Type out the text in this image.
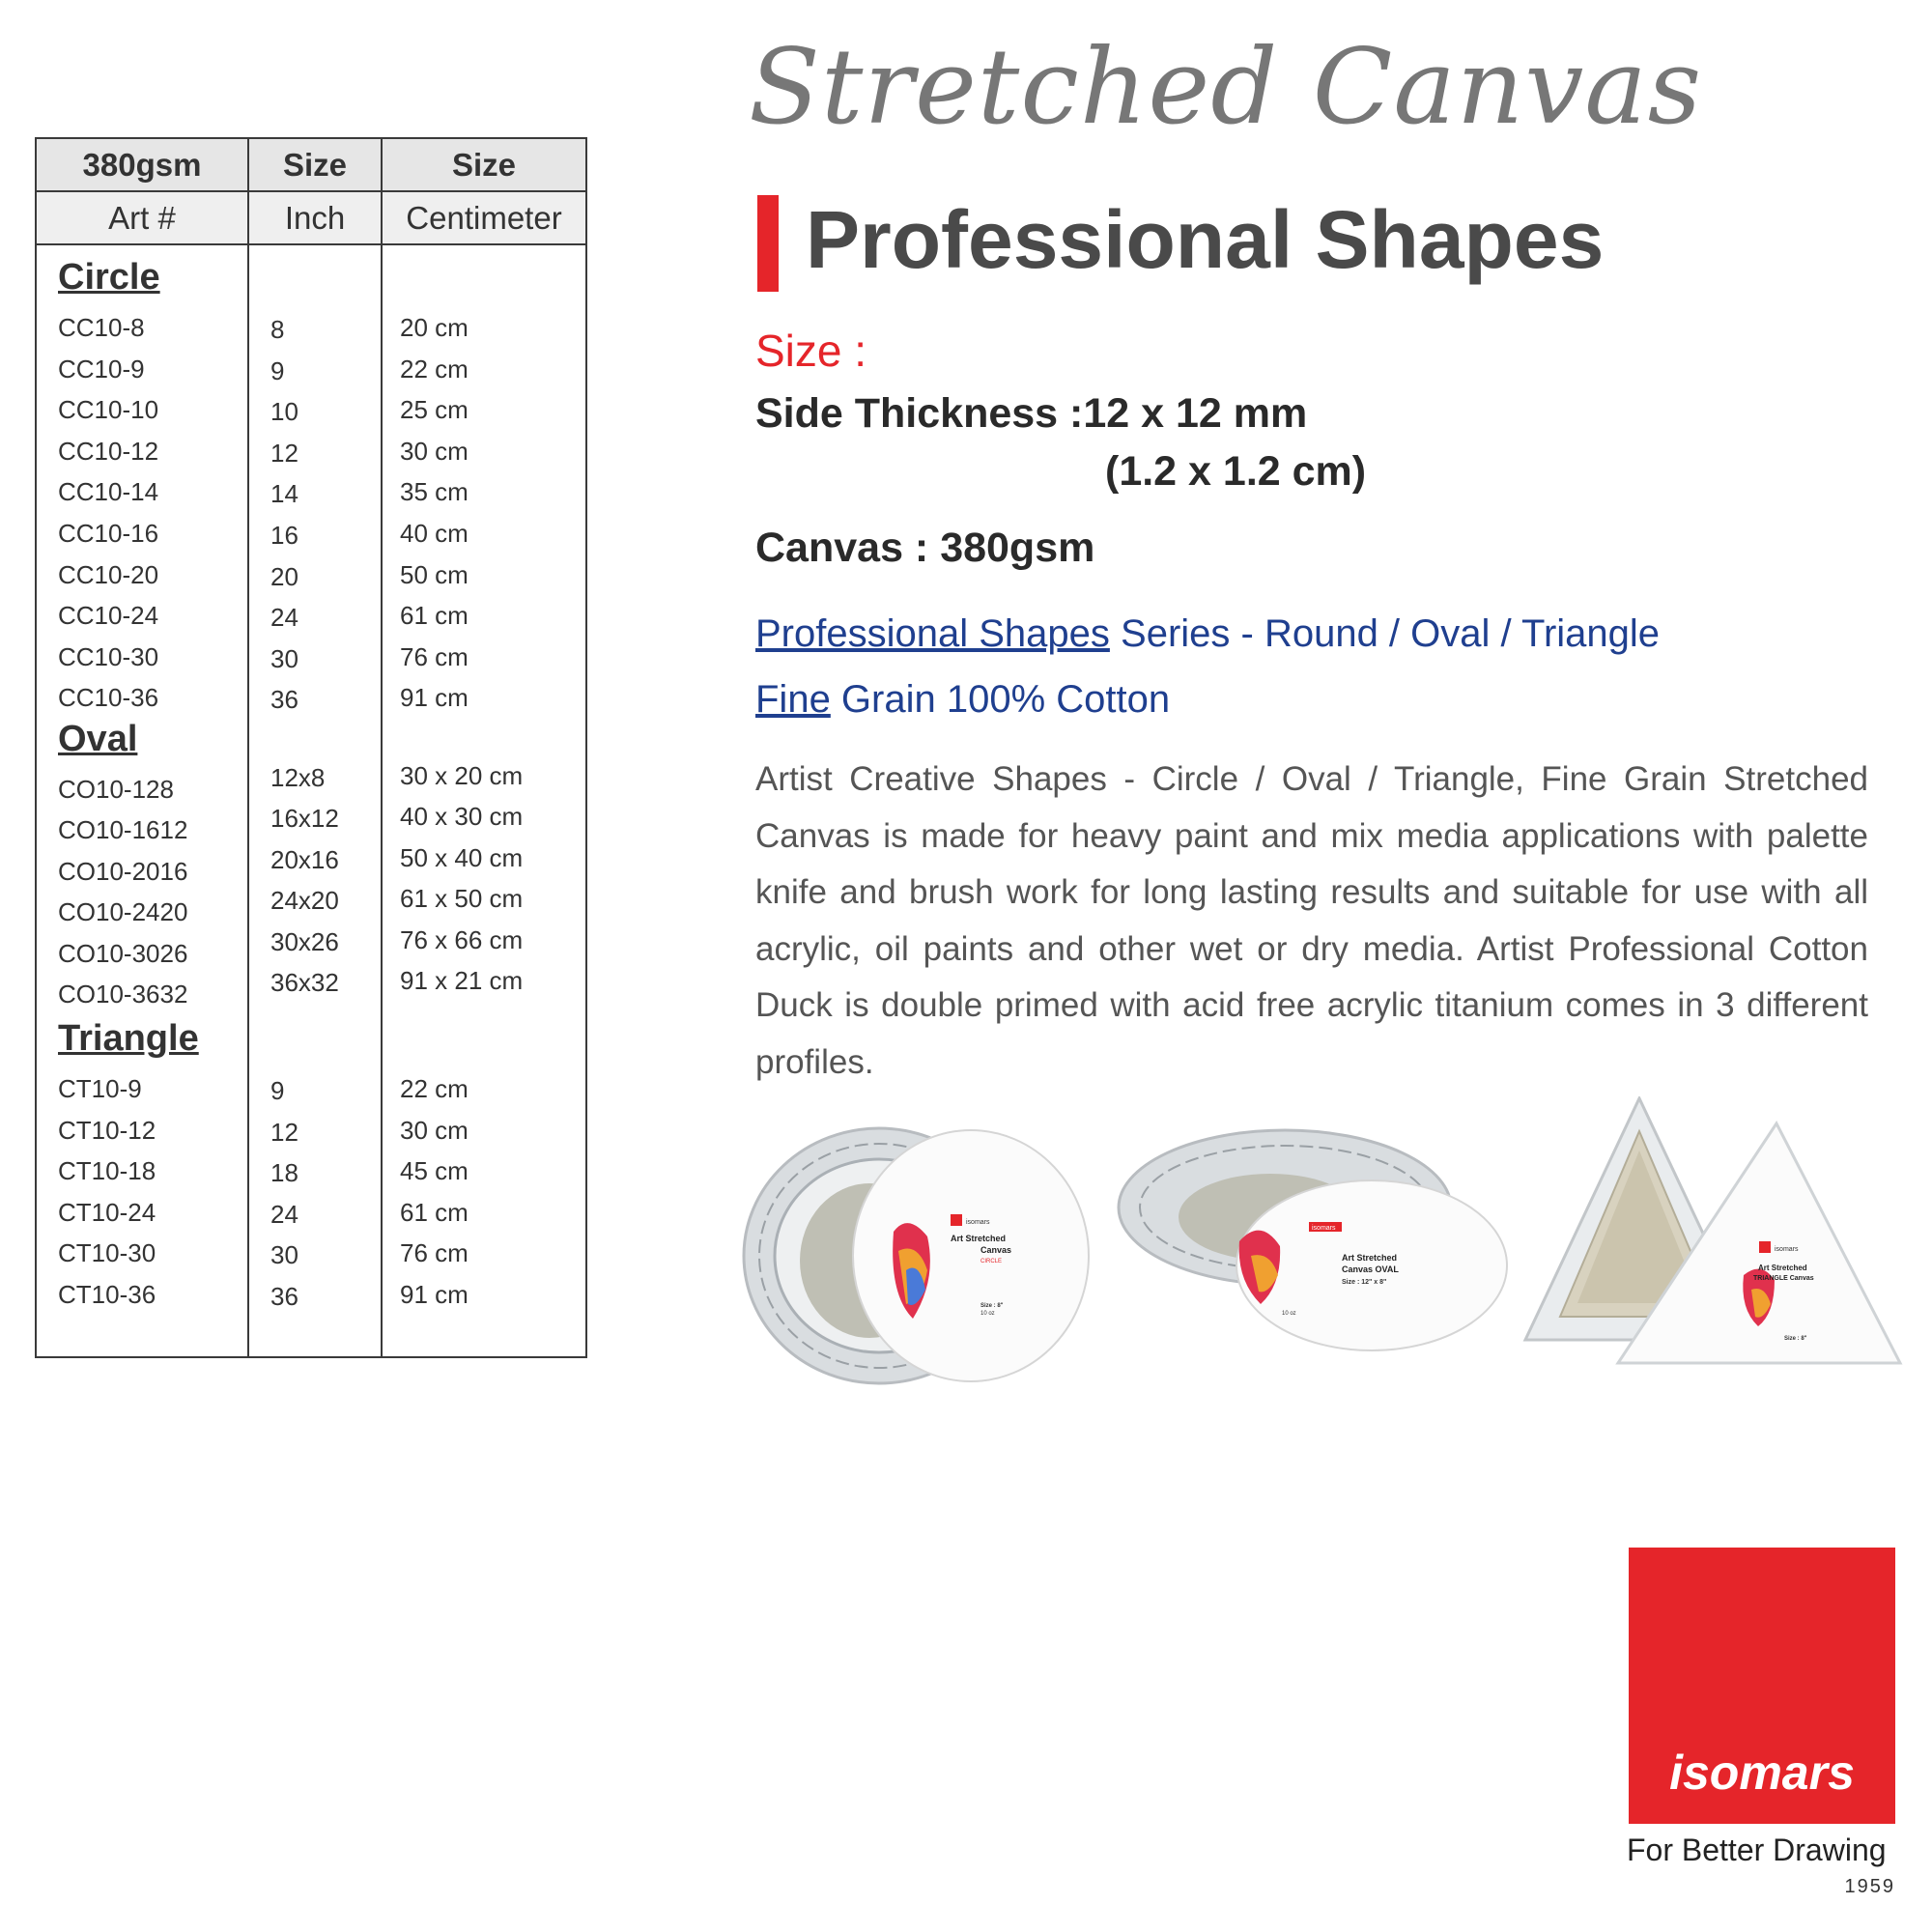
380gsm	Size	Size
Art #	Inch	Centimeter
Circle
CC10-8	8	20 cm
CC10-9	9	22 cm
CC10-10	10	25 cm
CC10-12	12	30 cm
CC10-14	14	35 cm
CC10-16	16	40 cm
CC10-20	20	50 cm
CC10-24	24	61 cm
CC10-30	30	76 cm
CC10-36	36	91 cm
Oval
CO10-128	12x8	30 x 20 cm
CO10-1612	16x12 40 x 30 cm
CO10-2016	20x16 50 x 40 cm
CO10-2420	24x20 61 x 50 cm
CO10-3026	30x26 76 x 66 cm
CO10-3632	36x32 91 x 21 cm
Triangle
CT10-9	9	22 cm
CT10-12	12	30 cm
CT10-18	18	45 cm
CT10-24	24	61 cm
CT10-30	30	76 cm
CT10-36	36	91 cm
Stretched Canvas
Professional Shapes
Size :
Side Thickness :12 x 12 mm
(1.2 x 1.2 cm)
Canvas : 380gsm
Professional Shapes Series - Round / Oval / Triangle
Fine Grain 100% Cotton
Artist Creative Shapes - Circle / Oval / Triangle, Fine Grain Stretched Canvas is made for heavy paint and mix media applications with palette knife and brush work for long lasting results and suitable for use with all acrylic, oil paints and other wet or dry media. Artist Professional Cotton Duck is double primed with acid free acrylic titanium comes in 3 different profiles.
isomars
Art Stretched
Canvas
CIRCLE
Size : 8"
10 oz
isomars
Art Stretched
Canvas OVAL
Size : 12" x 8"
10 oz
isomars
Art Stretched
TRIANGLE Canvas
Size : 8"
isomars
For Better Drawing
1959
